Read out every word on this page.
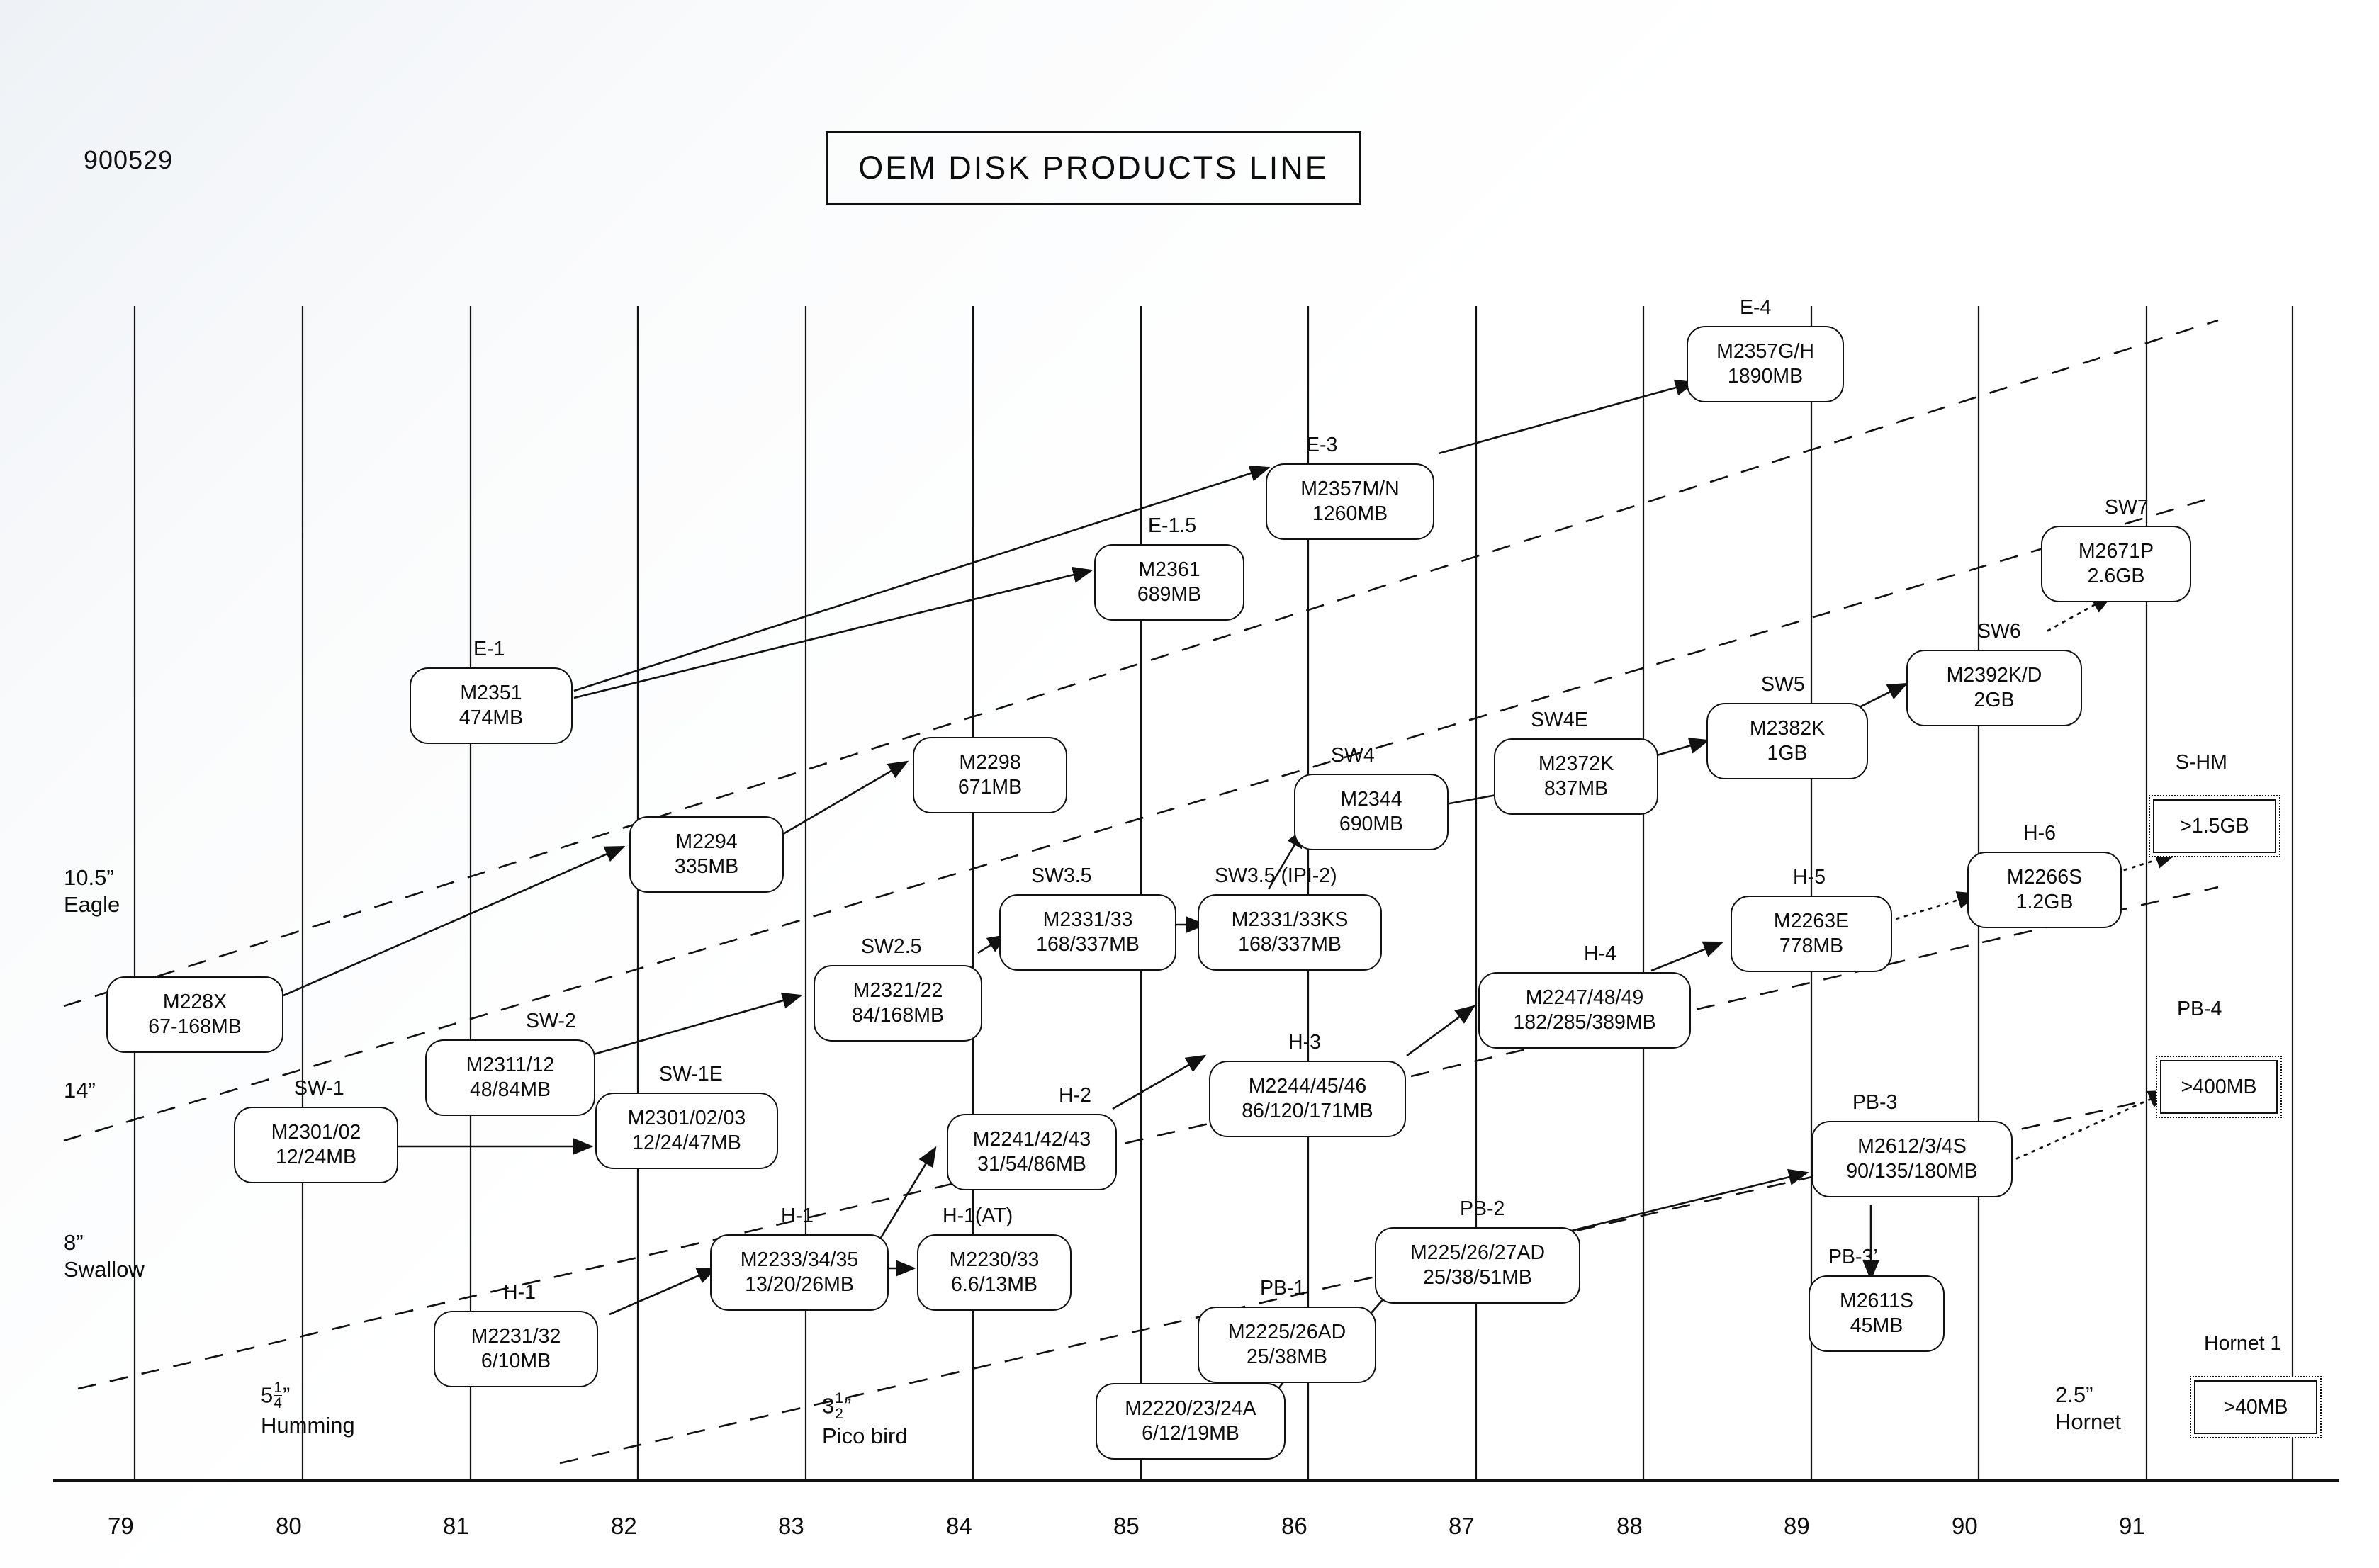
900529	OEM DISK PRODUCTS LINE
10.5”
Eagle
14”
8”
Swallow
$5 \frac{1}{4}$ ”
Humming
$3 \frac{1}{2}$ ”
Pico bird
2.5”
Hornet
79	80	81	82	83	84	85	86	87	88	89	90	91
E-4
M2357G/H
1890MB
E-3
M2357M/N
1260MB
E-1.5
M2361
689MB
E-1
M2351
474MB
M2298
671MB
M2294
335MB
M228X
67-168MB
SW7
M2671P
2.6GB
SW6
M2392K/D
2GB
SW5
M2382K
1GB
SW4E
M2372K
837MB
SW4
M2344
690MB
SW3.5 (IPI-2)
M2331/33KS
168/337MB
SW3.5
M2331/33
168/337MB
SW2.5
M2321/22
84/168MB
SW-2
M2311/12
48/84MB
SW-1E
M2301/02/03
12/24/47MB
SW-1
M2301/02
12/24MB
H-6
M2266S
1.2GB
H-5
M2263E
778MB
H-4
M2247/48/49
182/285/389MB
H-3
M2244/45/46
86/120/171MB
H-2
M2241/42/43
31/54/86MB
H-1(AT)
M2230/33
6.6/13MB
H-1
M2233/34/35
13/20/26MB
H-1
M2231/32
6/10MB
PB-4
>400MB
PB-3
M2612/3/4S
90/135/180MB
PB-3’
M2611S
45MB
PB-2
M225/26/27AD
25/38/51MB
PB-1
M2225/26AD
25/38MB
M2220/23/24A
6/12/19MB
S-HM
>1.5GB
Hornet 1
>40MB
